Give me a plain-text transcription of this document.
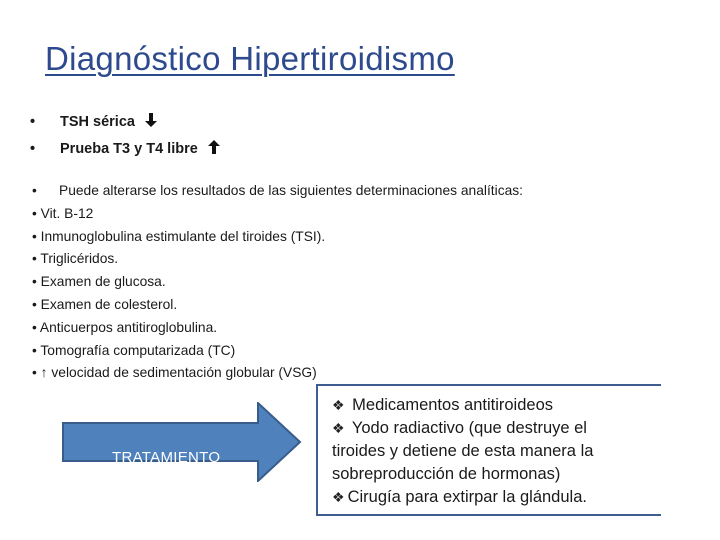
Diagnóstico Hipertiroidismo
•	TSH sérica
•	Prueba T3 y T4 libre
• Puede alterarse los resultados de las siguientes determinaciones analíticas:
• Vit. B-12
• Inmunoglobulina estimulante del tiroides (TSI).
• Triglicéridos.
• Examen de glucosa.
• Examen de colesterol.
• Anticuerpos antitiroglobulina.
• Tomografía computarizada (TC)
• ↑ velocidad de sedimentación globular (VSG)
TRATAMIENTO
❖ Medicamentos antitiroideos
❖ Yodo radiactivo (que destruye el
tiroides y detiene de esta manera la
sobreproducción de hormonas)
❖ Cirugía para extirpar la glándula.
